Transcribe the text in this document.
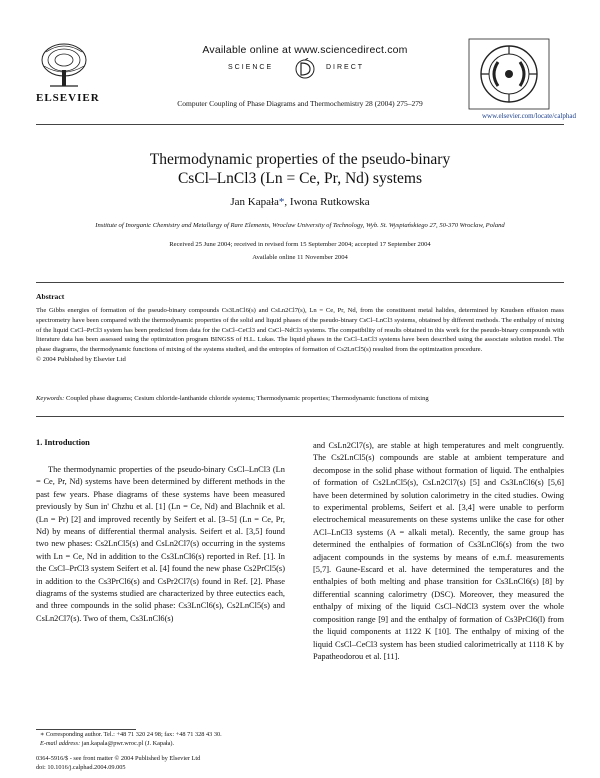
ELSEVIER
Available online at www.sciencedirect.com
SCIENCE	DIRECT
Computer Coupling of Phase Diagrams and Thermochemistry 28 (2004) 275–279
www.elsevier.com/locate/calphad
Thermodynamic properties of the pseudo-binary
CsCl–LnCl3 (Ln = Ce, Pr, Nd) systems
Jan Kapała*, Iwona Rutkowska
Institute of Inorganic Chemistry and Metallurgy of Rare Elements, Wroclaw University of Technology, Wyb. St. Wyspiańskiego 27, 50-370 Wroclaw, Poland
Received 25 June 2004; received in revised form 15 September 2004; accepted 17 September 2004
Available online 11 November 2004
Abstract
The Gibbs energies of formation of the pseudo-binary compounds Cs3LnCl6(s) and CsLn2Cl7(s), Ln = Ce, Pr, Nd, from the constituent metal halides, determined by Knudsen effusion mass spectrometry have been compared with the thermodynamic properties of the solid and liquid phases of the pseudo-binary CsCl–LnCl3 systems, obtained by different methods. The enthalpy of mixing of the liquid CsCl–PrCl3 system has been predicted from data for the CsCl–CeCl3 and CsCl–NdCl3 systems. The compatibility of results obtained in this work for the pseudo-binary compounds with literature data has been assessed using the optimization program BINGSS of H.L. Lukas. The liquid phases in the CsCl–LnCl3 systems have been described using the associate solution model. The phase diagrams, the thermodynamic functions of mixing of the systems studied, and the entropies of formation of Cs2LnCl5(s) resulted from the optimization procedure.
© 2004 Published by Elsevier Ltd
Keywords: Coupled phase diagrams; Cesium chloride-lanthanide chloride systems; Thermodynamic properties; Thermodynamic functions of mixing
1. Introduction

The thermodynamic properties of the pseudo-binary CsCl–LnCl3 (Ln = Ce, Pr, Nd) systems have been determined by different methods in the past few years. Phase diagrams of these systems have been measured previously by Sun in' Chzhu et al. [1] (Ln = Ce, Nd) and Blachnik et al. (Ln = Pr) [2] and improved recently by Seifert et al. [3–5] (Ln = Ce, Pr, Nd) by means of differential thermal analysis. Seifert et al. [3,5] found two new phases: Cs2LnCl5(s) and CsLn2Cl7(s) occurring in the systems with Ln = Ce, Nd in addition to the Cs3LnCl6(s) reported in Ref. [1]. In the CsCl–PrCl3 system Seifert et al. [4] found the new phase Cs2PrCl5(s) in addition to the Cs3PrCl6(s) and CsPr2Cl7(s) found in Ref. [2]. Phase diagrams of the systems studied are characterized by three eutectics each, and three compounds in the solid phase: Cs3LnCl6(s), Cs2LnCl5(s) and CsLn2Cl7(s). Two of them, Cs3LnCl6(s)

and CsLn2Cl7(s), are stable at high temperatures and melt congruently. The Cs2LnCl5(s) compounds are stable at ambient temperature and decompose in the solid phase without formation of liquid. The enthalpies of formation of Cs2LnCl5(s), CsLn2Cl7(s) [5] and Cs3LnCl6(s) [5,6] have been determined by solution calorimetry in the cited studies. Owing to experimental problems, Seifert et al. [3,4] were unable to perform electrochemical measurements on these systems unlike the case for other ACl–LnCl3 systems (A = alkali metal). Recently, the same group has determined the enthalpies of formation of Cs3LnCl6(s) from the two adjacent compounds in the systems by means of e.m.f. measurements [5,7]. Gaune-Escard et al. have determined the temperatures and the enthalpies of both melting and phase transition for Cs3LnCl6(s) [8] by differential scanning calorimetry (DSC). Moreover, they measured the enthalpy of mixing of the liquid CsCl–NdCl3 system over the whole composition range [9] and the enthalpy of formation of Cs3PrCl6(l) from the liquid components at 1122 K [10]. The enthalpy of mixing of the liquid CsCl–CeCl3 system has been studied calorimetrically at 1118 K by Papatheodorou et al. [11].

∗ Corresponding author. Tel.: +48 71 320 24 98; fax: +48 71 328 43 30.
E-mail address: jan.kapala@pwr.wroc.pl (J. Kapała).
0364-5916/$ - see front matter © 2004 Published by Elsevier Ltd
doi: 10.1016/j.calphad.2004.09.005
